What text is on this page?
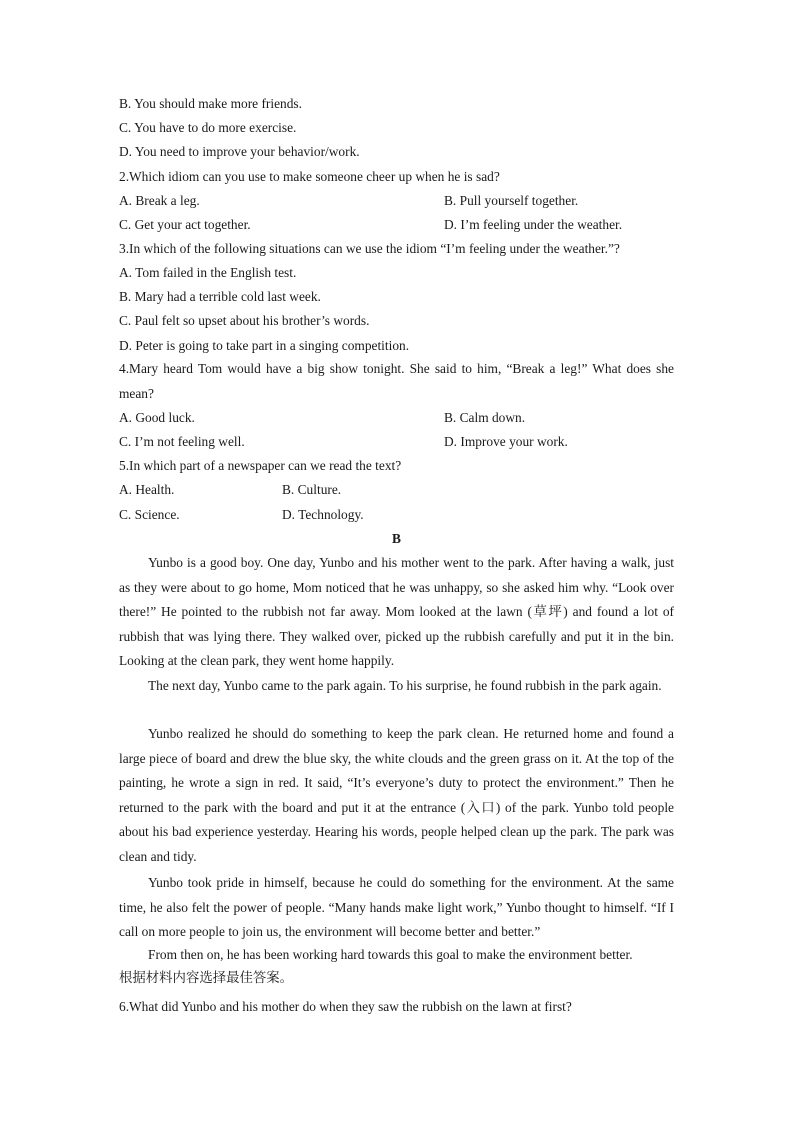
B. You should make more friends.
C. You have to do more exercise.
D. You need to improve your behavior/work.
2.Which idiom can you use to make someone cheer up when he is sad?
A. Break a leg.	B. Pull yourself together.
C. Get your act together.	D. I’m feeling under the weather.
3.In which of the following situations can we use the idiom “I’m feeling under the weather.”?
A. Tom failed in the English test.
B. Mary had a terrible cold last week.
C. Paul felt so upset about his brother’s words.
D. Peter is going to take part in a singing competition.
4.Mary heard Tom would have a big show tonight. She said to him, “Break a leg!” What does she mean?
A. Good luck.	B. Calm down.
C. I’m not feeling well.	D. Improve your work.
5.In which part of a newspaper can we read the text?
A. Health.	B. Culture.
C. Science.	D. Technology.
B

Yunbo is a good boy. One day, Yunbo and his mother went to the park. After having a walk, just as they were about to go home, Mom noticed that he was unhappy, so she asked him why. “Look over there!” He pointed to the rubbish not far away. Mom looked at the lawn (草坪) and found a lot of rubbish that was lying there. They walked over, picked up the rubbish carefully and put it in the bin. Looking at the clean park, they went home happily.

The next day, Yunbo came to the park again. To his surprise, he found rubbish in the park again.

Yunbo realized he should do something to keep the park clean. He returned home and found a large piece of board and drew the blue sky, the white clouds and the green grass on it. At the top of the painting, he wrote a sign in red. It said, “It’s everyone’s duty to protect the environment.” Then he returned to the park with the board and put it at the entrance (入口) of the park. Yunbo told people about his bad experience yesterday. Hearing his words, people helped clean up the park. The park was clean and tidy.

Yunbo took pride in himself, because he could do something for the environment. At the same time, he also felt the power of people. “Many hands make light work,” Yunbo thought to himself. “If I call on more people to join us, the environment will become better and better.”

From then on, he has been working hard towards this goal to make the environment better.

根据材料内容选择最佳答案。
6.What did Yunbo and his mother do when they saw the rubbish on the lawn at first?
